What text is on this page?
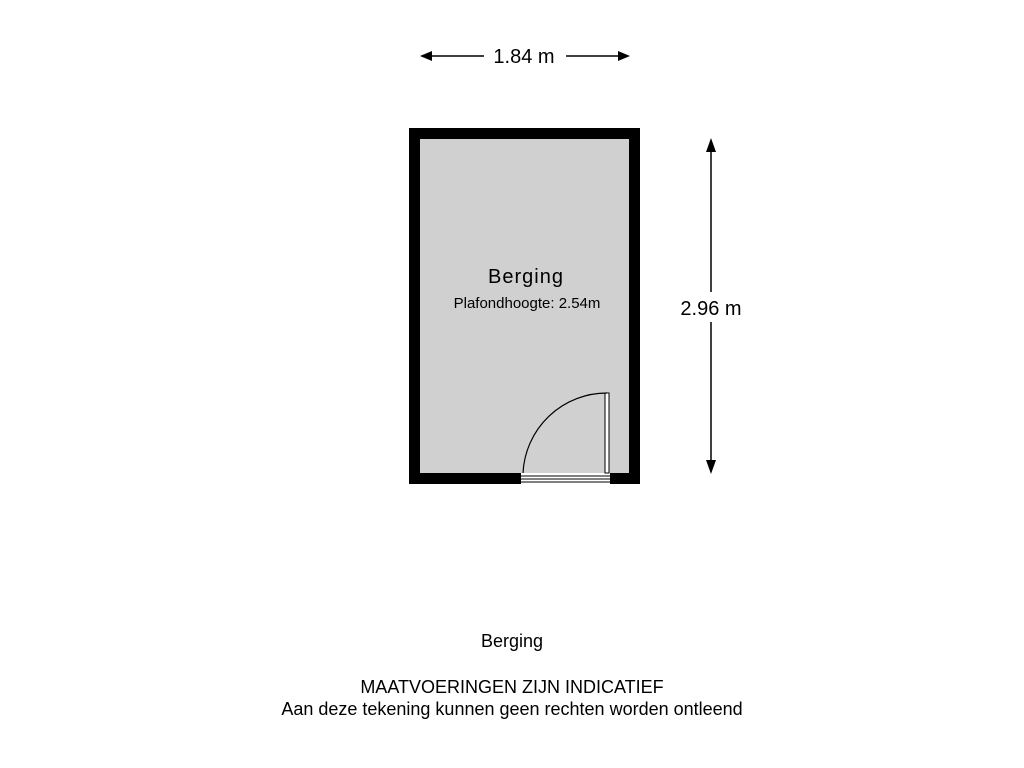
1.84 m
2.96 m
Berging
Plafondhoogte: 2.54m
Berging
MAATVOERINGEN ZIJN INDICATIEF
Aan deze tekening kunnen geen rechten worden ontleend
